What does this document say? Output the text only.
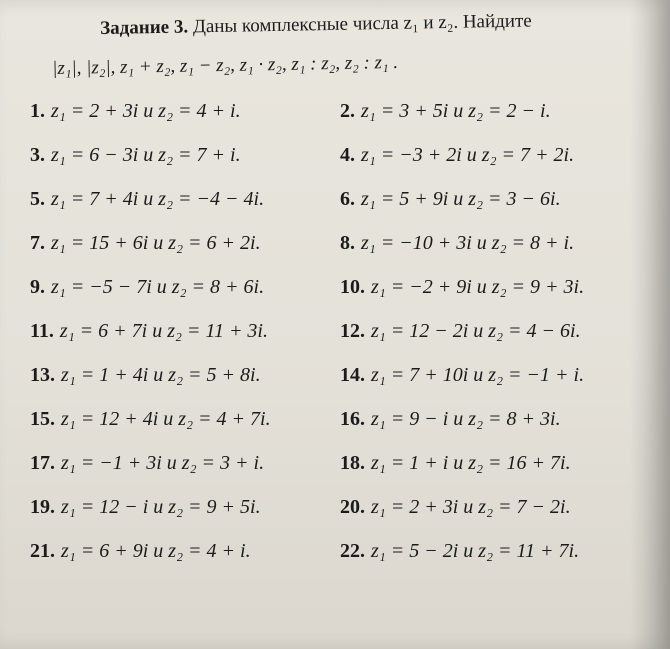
Задание 3. Даны комплексные числа z₁ и z₂. Найдите
|z₁|, |z₂|, z₁ + z₂, z₁ − z₂, z₁ · z₂, z₁ : z₂, z₂ : z₁ .
1. z₁ = 2 + 3i и z₂ = 4 + i.	2. z₁ = 3 + 5i и z₂ = 2 − i.
3. z₁ = 6 − 3i и z₂ = 7 + i.	4. z₁ = −3 + 2i и z₂ = 7 + 2i.
5. z₁ = 7 + 4i и z₂ = −4 − 4i.	6. z₁ = 5 + 9i и z₂ = 3 − 6i.
7. z₁ = 15 + 6i и z₂ = 6 + 2i.	8. z₁ = −10 + 3i и z₂ = 8 + i.
9. z₁ = −5 − 7i и z₂ = 8 + 6i.	10. z₁ = −2 + 9i и z₂ = 9 + 3i.
11. z₁ = 6 + 7i и z₂ = 11 + 3i.	12. z₁ = 12 − 2i и z₂ = 4 − 6i.
13. z₁ = 1 + 4i и z₂ = 5 + 8i.	14. z₁ = 7 + 10i и z₂ = −1 + i.
15. z₁ = 12 + 4i и z₂ = 4 + 7i.	16. z₁ = 9 − i и z₂ = 8 + 3i.
17. z₁ = −1 + 3i и z₂ = 3 + i.	18. z₁ = 1 + i и z₂ = 16 + 7i.
19. z₁ = 12 − i и z₂ = 9 + 5i.	20. z₁ = 2 + 3i и z₂ = 7 − 2i.
21. z₁ = 6 + 9i и z₂ = 4 + i.	22. z₁ = 5 − 2i и z₂ = 11 + 7i.
